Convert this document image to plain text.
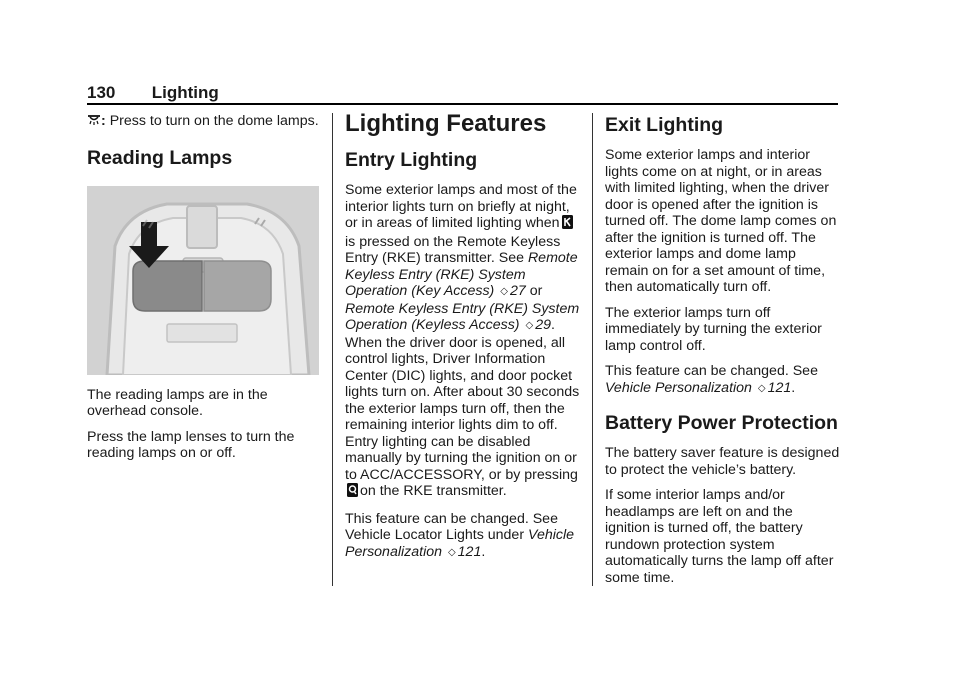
130 Lighting

: Press to turn on the dome lamps.

Reading Lamps

The reading lamps are in the overhead console.

Press the lamp lenses to turn the reading lamps on or off.

Lighting Features
Entry Lighting

Some exterior lamps and most of the interior lights turn on briefly at night, or in areas of limited lighting whenis pressed on the Remote Keyless Entry (RKE) transmitter. See Remote Keyless Entry (RKE) System Operation (Key Access) ◇ 27 or Remote Keyless Entry (RKE) System Operation (Keyless Access) ◇ 29. When the driver door is opened, all control lights, Driver Information Center (DIC) lights, and door pocket lights turn on. After about 30 seconds the exterior lamps turn off, then the remaining interior lights dim to off. Entry lighting can be disabled manually by turning the ignition on or to ACC/ACCESSORY, or by pressingon the RKE transmitter.

This feature can be changed. See Vehicle Locator Lights under Vehicle Personalization ◇ 121.

Exit Lighting

Some exterior lamps and interior lights come on at night, or in areas with limited lighting, when the driver door is opened after the ignition is turned off. The dome lamp comes on after the ignition is turned off. The exterior lamps and dome lamp remain on for a set amount of time, then automatically turn off.

The exterior lamps turn off immediately by turning the exterior lamp control off.

This feature can be changed. See Vehicle Personalization ◇ 121.

Battery Power Protection

The battery saver feature is designed to protect the vehicle’s battery.

If some interior lamps and/or headlamps are left on and the ignition is turned off, the battery rundown protection system automatically turns the lamp off after some time.
